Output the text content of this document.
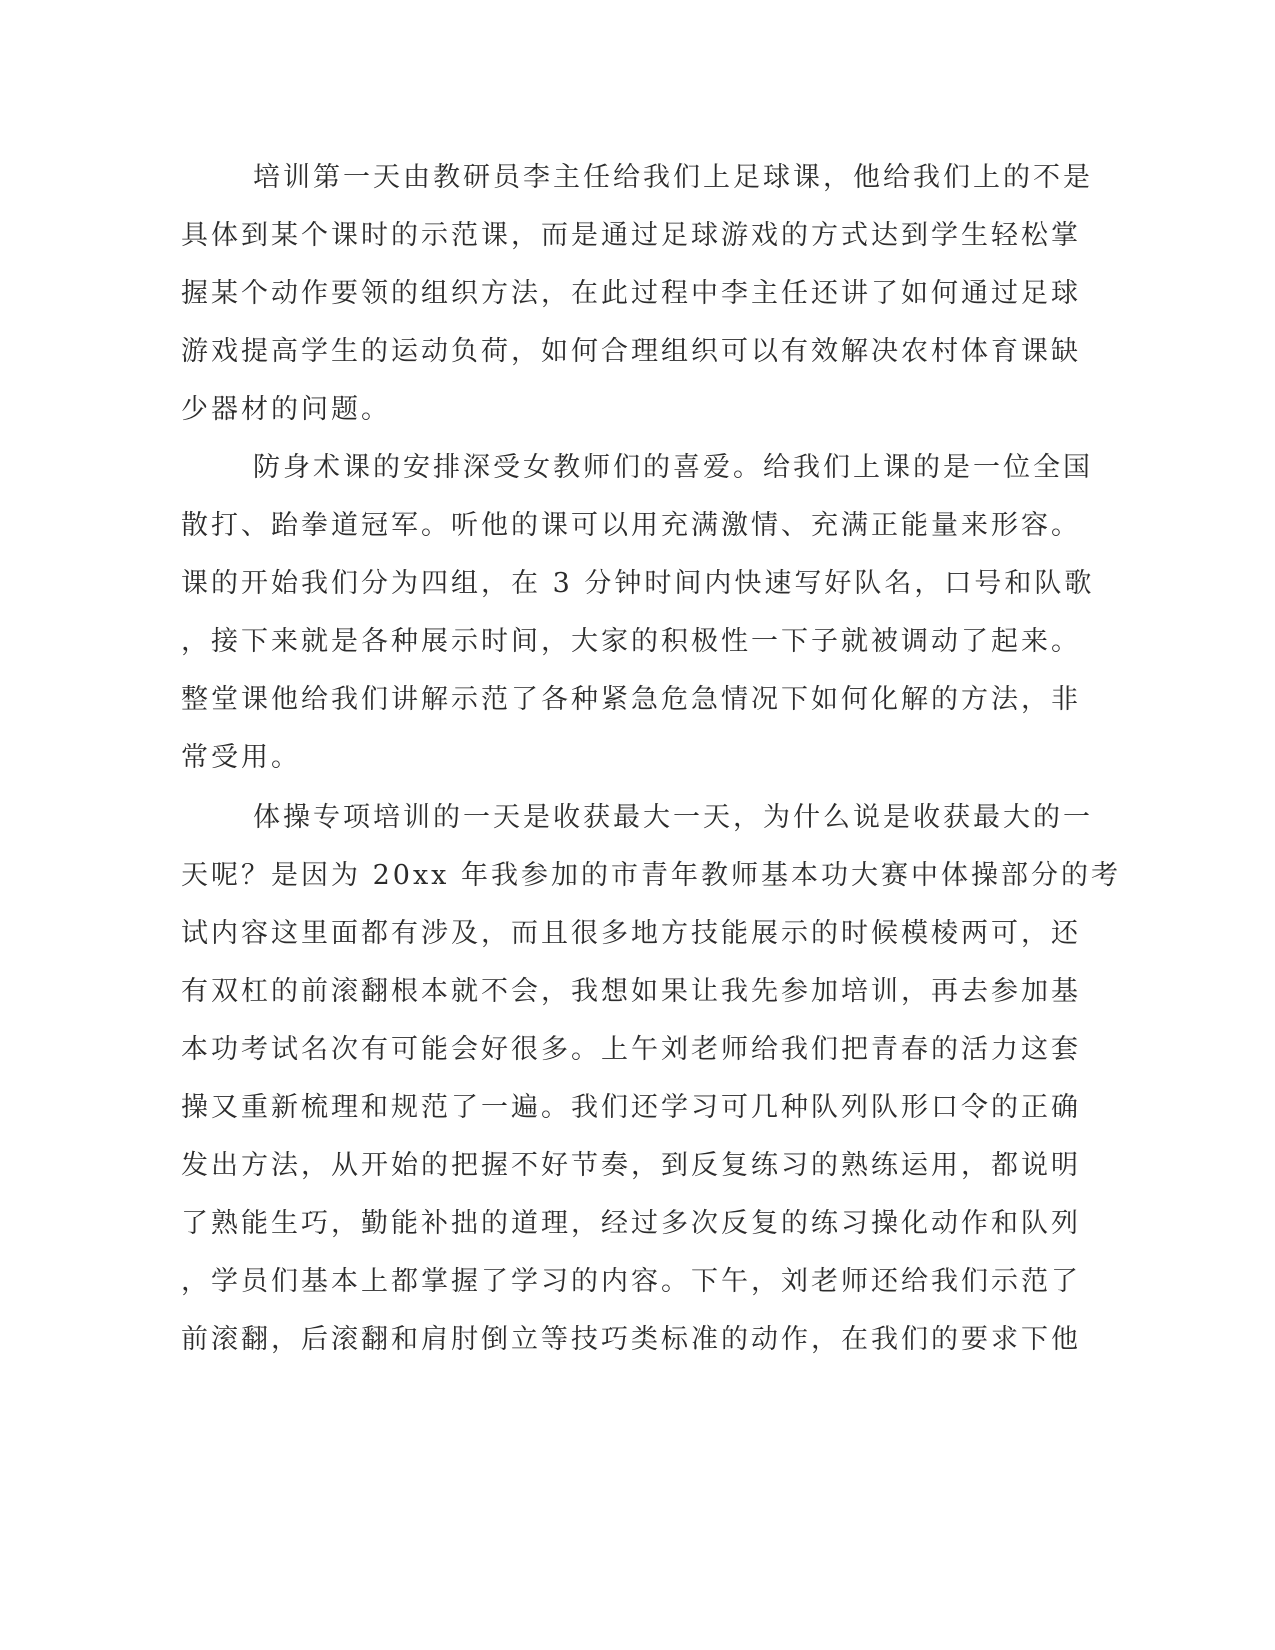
培训第一天由教研员李主任给我们上足球课，他给我们上的不是
具体到某个课时的示范课，而是通过足球游戏的方式达到学生轻松掌
握某个动作要领的组织方法，在此过程中李主任还讲了如何通过足球
游戏提高学生的运动负荷，如何合理组织可以有效解决农村体育课缺
少器材的问题。
防身术课的安排深受女教师们的喜爱。给我们上课的是一位全国
散打、跆拳道冠军。听他的课可以用充满激情、充满正能量来形容。
课的开始我们分为四组，在 3 分钟时间内快速写好队名，口号和队歌
，接下来就是各种展示时间，大家的积极性一下子就被调动了起来。
整堂课他给我们讲解示范了各种紧急危急情况下如何化解的方法，非
常受用。
体操专项培训的一天是收获最大一天，为什么说是收获最大的一
天呢？是因为 20xx 年我参加的市青年教师基本功大赛中体操部分的考
试内容这里面都有涉及，而且很多地方技能展示的时候模棱两可，还
有双杠的前滚翻根本就不会，我想如果让我先参加培训，再去参加基
本功考试名次有可能会好很多。上午刘老师给我们把青春的活力这套
操又重新梳理和规范了一遍。我们还学习可几种队列队形口令的正确
发出方法，从开始的把握不好节奏，到反复练习的熟练运用，都说明
了熟能生巧，勤能补拙的道理，经过多次反复的练习操化动作和队列
，学员们基本上都掌握了学习的内容。下午，刘老师还给我们示范了
前滚翻，后滚翻和肩肘倒立等技巧类标准的动作，在我们的要求下他
